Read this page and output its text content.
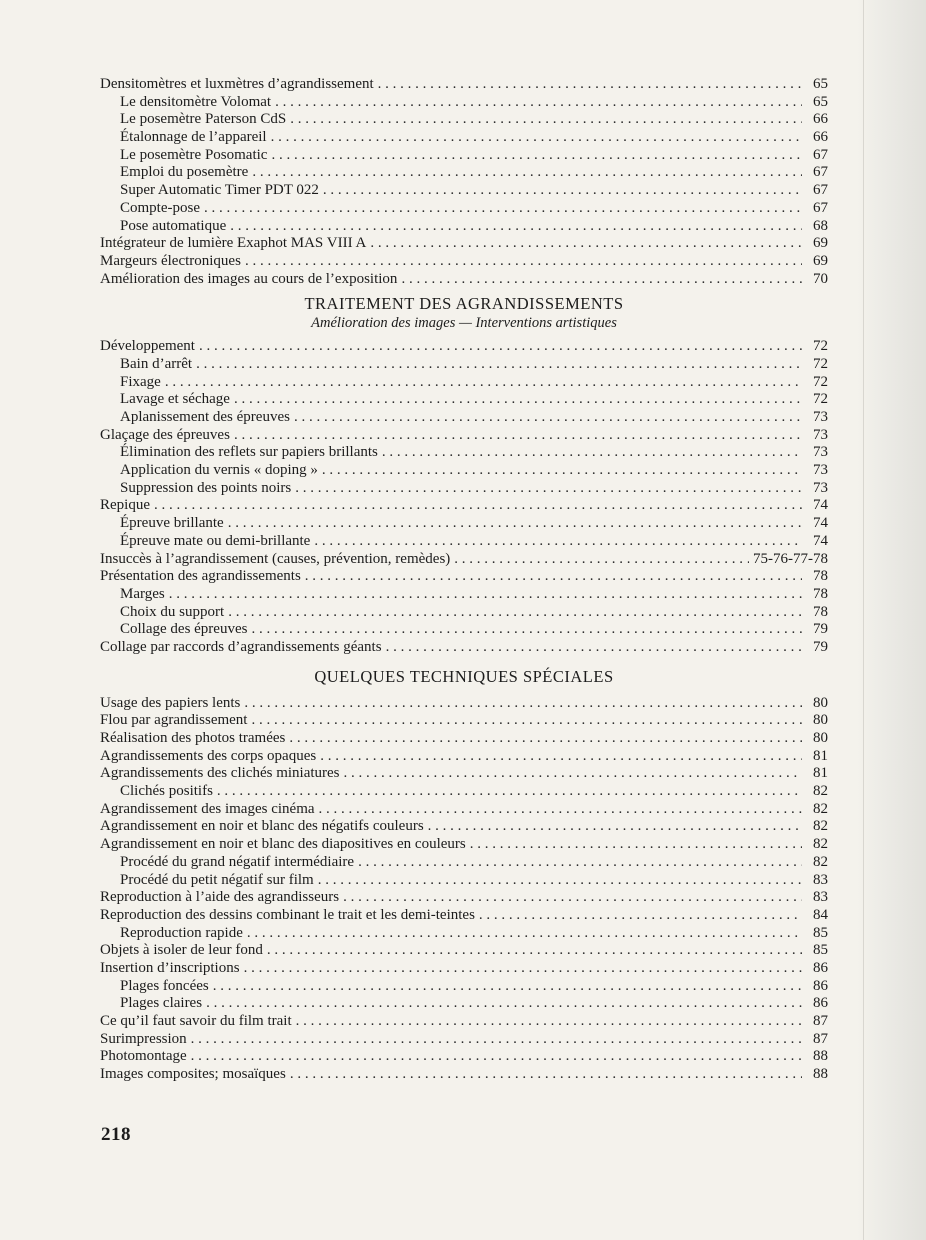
Densitomètres et luxmètres d’agrandissement . . .	65
Le densitomètre Volomat . . .	65
Le posemètre Paterson CdS . . .	66
Étalonnage de l’appareil . . .	66
Le posemètre Posomatic . . .	67
Emploi du posemètre . . .	67
Super Automatic Timer PDT 022 . . .	67
Compte-pose . . .	67
Pose automatique . . .	68
Intégrateur de lumière Exaphot MAS VIII A . . .	69
Margeurs électroniques . . .	69
Amélioration des images au cours de l’exposition . . .	70
TRAITEMENT DES AGRANDISSEMENTS
Amélioration des images — Interventions artistiques
Développement . . .	72
Bain d’arrêt . . .	72
Fixage . . .	72
Lavage et séchage . . .	72
Aplanissement des épreuves . . .	73
Glaçage des épreuves . . .	73
Élimination des reflets sur papiers brillants . . .	73
Application du vernis « doping » . . .	73
Suppression des points noirs . . .	73
Repique . . .	74
Épreuve brillante . . .	74
Épreuve mate ou demi-brillante . . .	74
Insuccès à l’agrandissement (causes, prévention, remèdes) . . .	75-76-77-78
Présentation des agrandissements . . .	78
Marges . . .	78
Choix du support . . .	78
Collage des épreuves . . .	79
Collage par raccords d’agrandissements géants . . .	79
QUELQUES TECHNIQUES SPÉCIALES
Usage des papiers lents . . .	80
Flou par agrandissement . . .	80
Réalisation des photos tramées . . .	80
Agrandissements des corps opaques . . .	81
Agrandissements des clichés miniatures . . .	81
Clichés positifs . . .	82
Agrandissement des images cinéma . . .	82
Agrandissement en noir et blanc des négatifs couleurs . . .	82
Agrandissement en noir et blanc des diapositives en couleurs . . .	82
Procédé du grand négatif intermédiaire . . .	82
Procédé du petit négatif sur film . . .	83
Reproduction à l’aide des agrandisseurs . . .	83
Reproduction des dessins combinant le trait et les demi-teintes . . .	84
Reproduction rapide . . .	85
Objets à isoler de leur fond . . .	85
Insertion d’inscriptions . . .	86
Plages foncées . . .	86
Plages claires . . .	86
Ce qu’il faut savoir du film trait . . .	87
Surimpression . . .	87
Photomontage . . .	88
Images composites; mosaïques . . .	88
218
